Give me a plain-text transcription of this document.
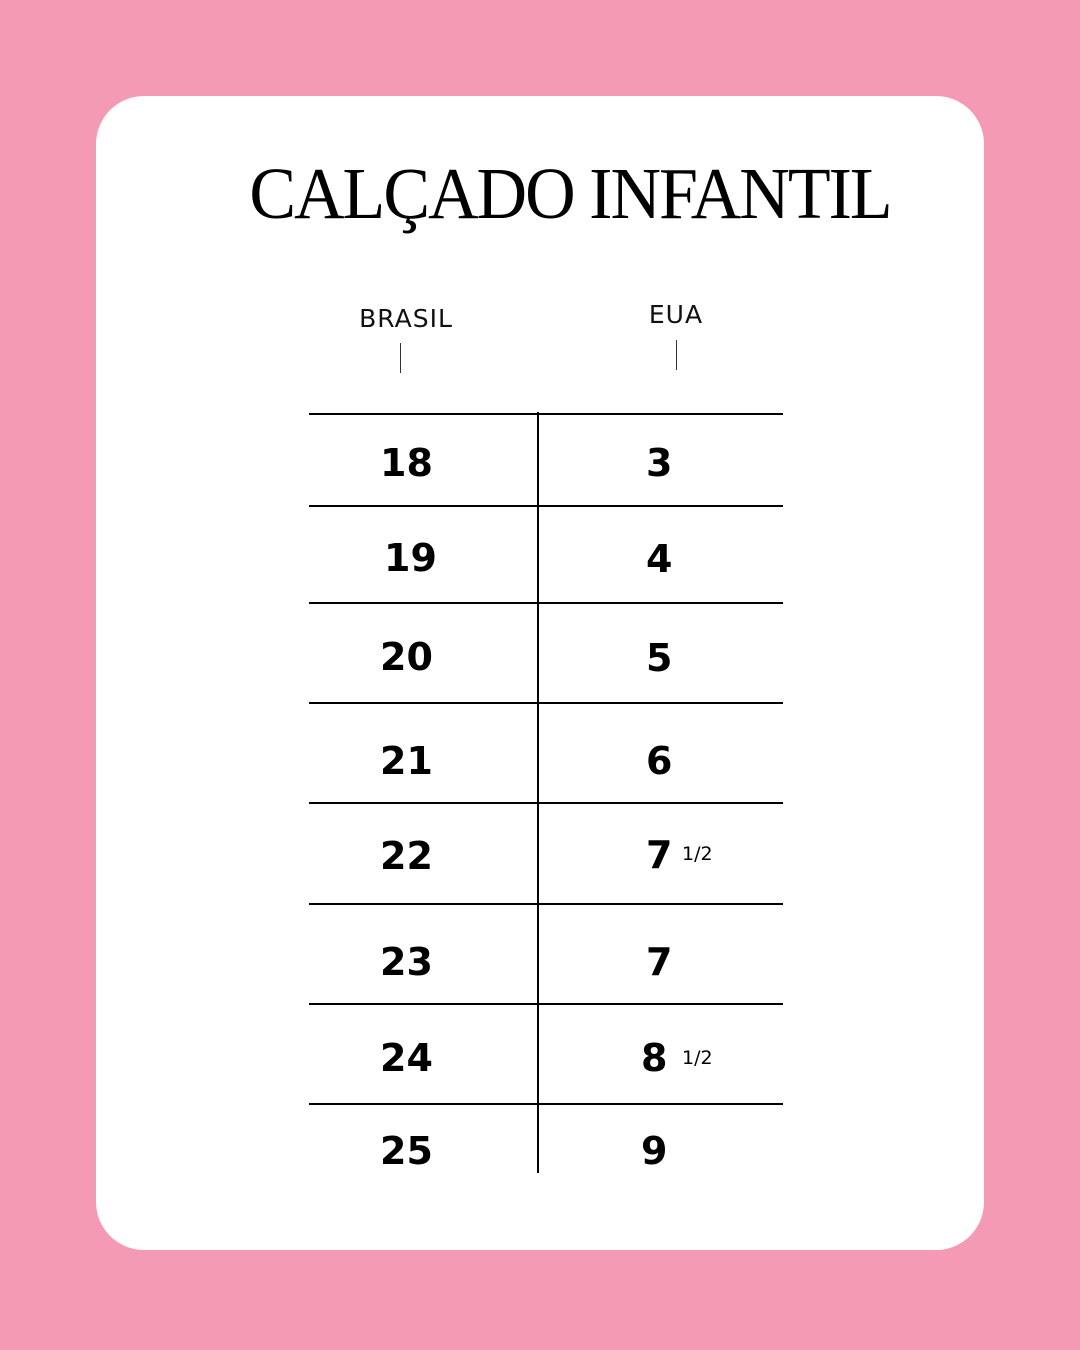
CALÇADO INFANTIL
BRASIL	EUA
18	3
19	4
20	5
21	6
22	7 1/2
23	7
24	8 1/2
25	9
